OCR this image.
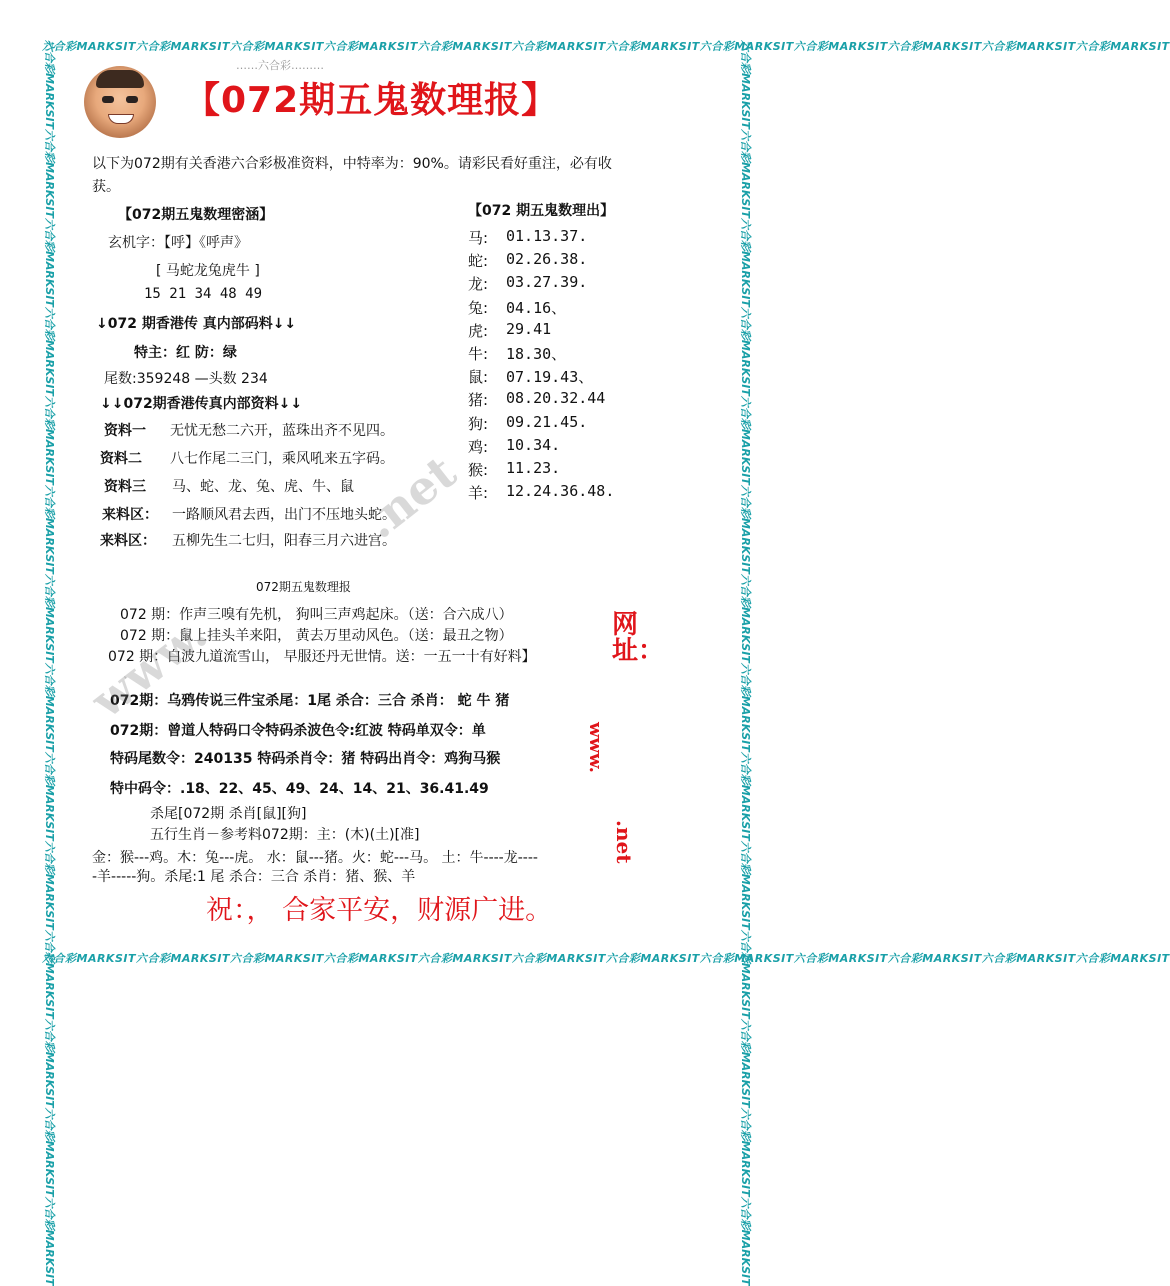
六合彩MARKSIT六合彩MARKSIT六合彩MARKSIT六合彩MARKSIT六合彩MARKSIT六合彩MARKSIT六合彩MARKSIT六合彩MARKSIT六合彩MARKSIT六合彩MARKSIT六合彩MARKSIT六合彩MARKSIT
六合彩MARKSIT六合彩MARKSIT六合彩MARKSIT六合彩MARKSIT六合彩MARKSIT六合彩MARKSIT六合彩MARKSIT六合彩MARKSIT六合彩MARKSIT六合彩MARKSIT六合彩MARKSIT六合彩MARKSIT
六合彩MARKSIT六合彩MARKSIT六合彩MARKSIT六合彩MARKSIT六合彩MARKSIT六合彩MARKSIT六合彩MARKSIT六合彩MARKSIT六合彩MARKSIT六合彩MARKSIT六合彩MARKSIT六合彩MARKSIT六合彩MARKSIT六合彩MARKSIT	六合彩MARKSIT六合彩MARKSIT六合彩MARKSIT六合彩MARKSIT六合彩MARKSIT六合彩MARKSIT六合彩MARKSIT六合彩MARKSIT六合彩MARKSIT六合彩MARKSIT六合彩MARKSIT六合彩MARKSIT六合彩MARKSIT六合彩MARKSIT
……六合彩………
【072期五鬼数理报】
以下为072期有关香港六合彩极准资料，中特率为：90%。请彩民看好重注，必有收
获。
【072期五鬼数理密涵】
玄机字：【呼】《呼声》
[ 马蛇龙兔虎牛 ]
15 21 34 48 49
↓072 期香港传 真内部码料↓↓
特主：红 防：绿
尾数:359248 —头数 234
↓↓072期香港传真内部资料↓↓
资料一 无忧无愁二六开，蓝珠出齐不见四。
资料二 八七作尾二三门，乘风吼来五字码。
资料三 马、蛇、龙、兔、虎、牛、鼠
来料区： 一路顺风君去西，出门不压地头蛇。
来料区： 五柳先生二七归，阳春三月六进宫。
【072 期五鬼数理出】
马: 01.13.37.
蛇: 02.26.38.
龙: 03.27.39.
兔: 04.16、
虎: 29.41
牛: 18.30、
鼠: 07.19.43、
猪: 08.20.32.44
狗: 09.21.45.
鸡: 10.34.
猴: 11.23.
羊: 12.24.36.48.
072期五鬼数理报
072 期：作声三嗅有先机， 狗叫三声鸡起床。（送：合六成八）
072 期：鼠上挂头羊来阳， 黄去万里动风色。（送：最丑之物）
072 期：白波九道流雪山， 早服还丹无世情。送：一五一十有好料】
072期：乌鸦传说三件宝杀尾：1尾 杀合：三合 杀肖： 蛇 牛 猪
072期：曾道人特码口令特码杀波色令:红波 特码单双令：单
特码尾数令：240135 特码杀肖令：猪 特码出肖令：鸡狗马猴
特中码令：.18、22、45、49、24、14、21、36.41.49
杀尾[072期 杀肖[鼠][狗]
五行生肖－参考料072期：主：(木)(土)[准]
金：猴---鸡。木：兔---虎。 水：鼠---猪。火：蛇---马。 土：牛----龙----
-羊-----狗。杀尾:1 尾 杀合：三合 杀肖：猪、猴、羊
祝：， 合家平安，财源广进。
www.
.net
网址：
www.
.net
